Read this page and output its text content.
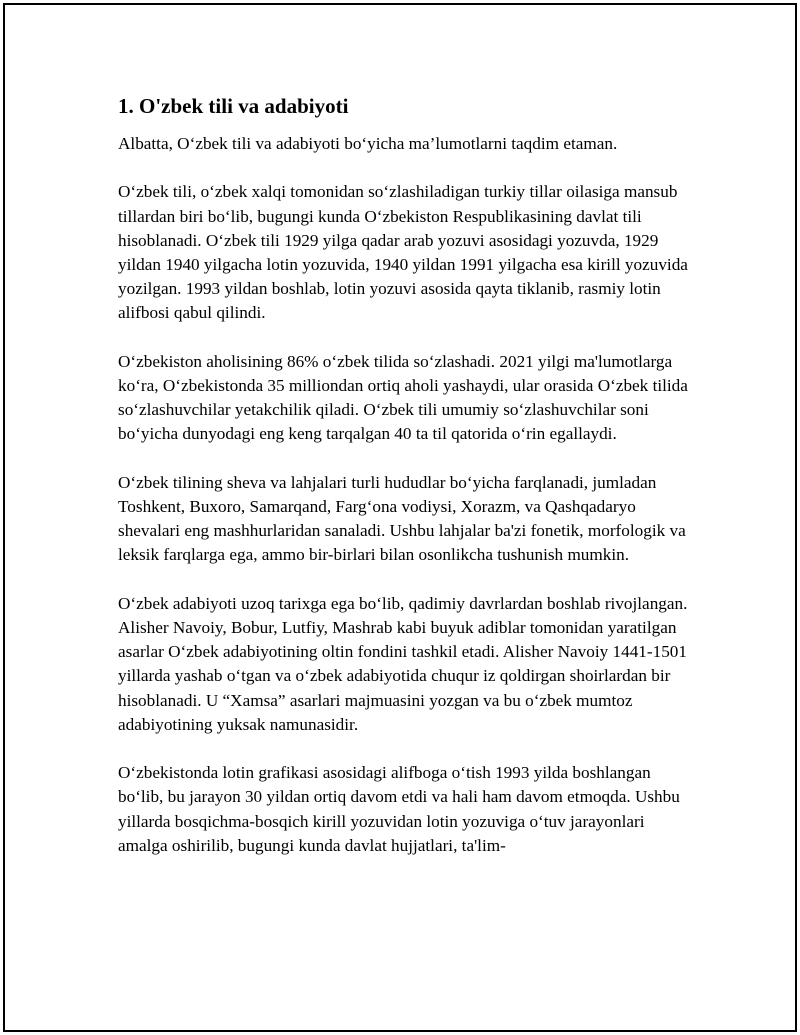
1. O'zbek tili va adabiyoti

Albatta, O‘zbek tili va adabiyoti bo‘yicha ma’lumotlarni taqdim etaman.

O‘zbek tili, o‘zbek xalqi tomonidan so‘zlashiladigan turkiy tillar oilasiga mansub tillardan biri bo‘lib, bugungi kunda O‘zbekiston Respublikasining davlat tili hisoblanadi. O‘zbek tili 1929 yilga qadar arab yozuvi asosidagi yozuvda, 1929 yildan 1940 yilgacha lotin yozuvida, 1940 yildan 1991 yilgacha esa kirill yozuvida yozilgan. 1993 yildan boshlab, lotin yozuvi asosida qayta tiklanib, rasmiy lotin alifbosi qabul qilindi.

O‘zbekiston aholisining 86% o‘zbek tilida so‘zlashadi. 2021 yilgi ma'lumotlarga ko‘ra, O‘zbekistonda 35 milliondan ortiq aholi yashaydi, ular orasida O‘zbek tilida so‘zlashuvchilar yetakchilik qiladi. O‘zbek tili umumiy so‘zlashuvchilar soni bo‘yicha dunyodagi eng keng tarqalgan 40 ta til qatorida o‘rin egallaydi.

O‘zbek tilining sheva va lahjalari turli hududlar bo‘yicha farqlanadi, jumladan Toshkent, Buxoro, Samarqand, Farg‘ona vodiysi, Xorazm, va Qashqadaryo shevalari eng mashhurlaridan sanaladi. Ushbu lahjalar ba'zi fonetik, morfologik va leksik farqlarga ega, ammo bir-birlari bilan osonlikcha tushunish mumkin.

O‘zbek adabiyoti uzoq tarixga ega bo‘lib, qadimiy davrlardan boshlab rivojlangan. Alisher Navoiy, Bobur, Lutfiy, Mashrab kabi buyuk adiblar tomonidan yaratilgan asarlar O‘zbek adabiyotining oltin fondini tashkil etadi. Alisher Navoiy 1441-1501 yillarda yashab o‘tgan va o‘zbek adabiyotida chuqur iz qoldirgan shoirlardan bir hisoblanadi. U “Xamsa” asarlari majmuasini yozgan va bu o‘zbek mumtoz adabiyotining yuksak namunasidir.

O‘zbekistonda lotin grafikasi asosidagi alifboga o‘tish 1993 yilda boshlangan bo‘lib, bu jarayon 30 yildan ortiq davom etdi va hali ham davom etmoqda. Ushbu yillarda bosqichma-bosqich kirill yozuvidan lotin yozuviga o‘tuv jarayonlari amalga oshirilib, bugungi kunda davlat hujjatlari, ta'lim-
